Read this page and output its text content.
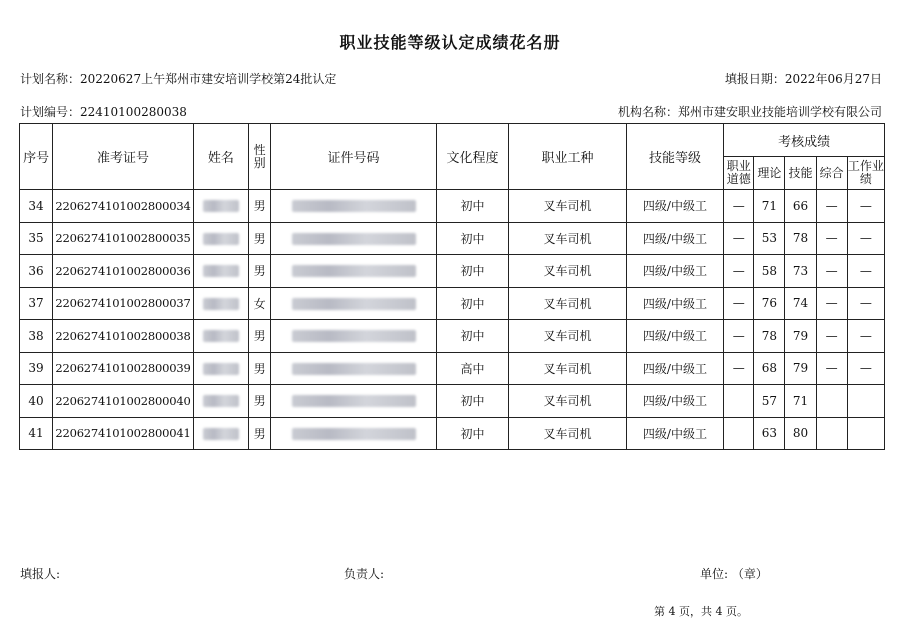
职业技能等级认定成绩花名册
计划名称：20220627上午郑州市建安培训学校第24批认定	填报日期：2022年06月27日
计划编号：22410100280038	机构名称：郑州市建安职业技能培训学校有限公司
序号	准考证号	姓名	性别	证件号码	文化程度	职业工种	技能等级	考核成绩				
								职业道德	理论	技能	综合	工作业绩
34	220627410100280003​4		男		初中	叉车司机	四级/中级工	—	71	66	—	—
35	2206274101002800035		男		初中	叉车司机	四级/中级工	—	53	78	—	—
36	2206274101002800036		男		初中	叉车司机	四级/中级工	—	58	73	—	—
37	2206274101002800037		女		初中	叉车司机	四级/中级工	—	76	74	—	—
38	2206274101002800038		男		初中	叉车司机	四级/中级工	—	78	79	—	—
39	2206274101002800039		男		高中	叉车司机	四级/中级工	—	68	79	—	—
40	2206274101002800040		男		初中	叉车司机	四级/中级工		57	71		
41	2206274101002800041		男		初中	叉车司机	四级/中级工		63	80		
填报人:	负责人:	单位: （章）
第 4 页，共 4 页。
